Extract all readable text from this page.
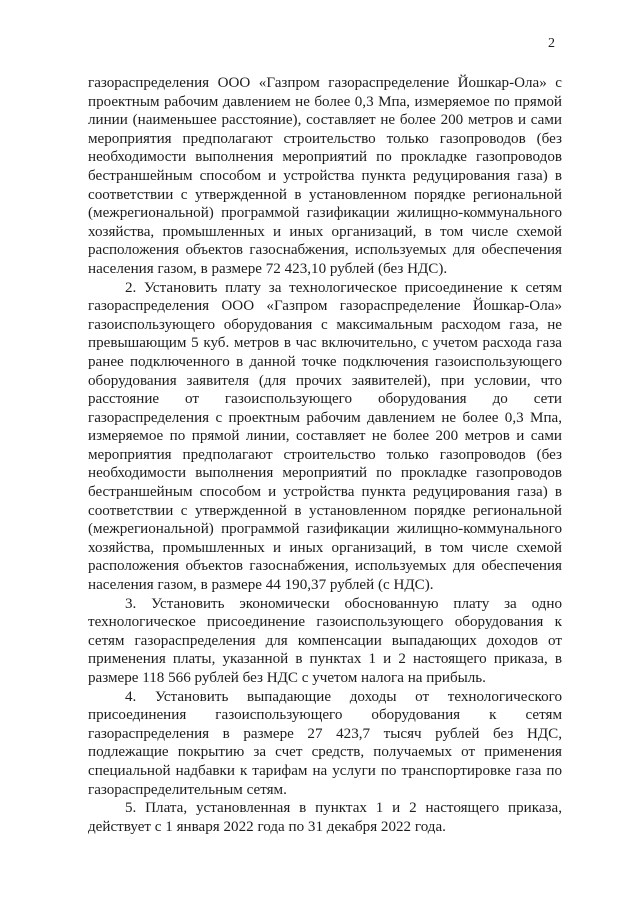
2

газораспределения ООО «Газпром газораспределение Йошкар-Ола» с проектным рабочим давлением не более 0,3 Мпа, измеряемое по прямой линии (наименьшее расстояние), составляет не более 200 метров и сами мероприятия предполагают строительство только газопроводов (без необходимости выполнения мероприятий по прокладке газопроводов бестраншейным способом и устройства пункта редуцирования газа) в соответствии с утвержденной в установленном порядке региональной (межрегиональной) программой газификации жилищно-коммунального хозяйства, промышленных и иных организаций, в том числе схемой расположения объектов газоснабжения, используемых для обеспечения населения газом, в размере 72 423,10 рублей (без НДС).

2. Установить плату за технологическое присоединение к сетям газораспределения ООО «Газпром газораспределение Йошкар-Ола» газоиспользующего оборудования с максимальным расходом газа, не превышающим 5 куб. метров в час включительно, с учетом расхода газа ранее подключенного в данной точке подключения газоиспользующего оборудования заявителя (для прочих заявителей), при условии, что расстояние от газоиспользующего оборудования до сети газораспределения с проектным рабочим давлением не более 0,3 Мпа, измеряемое по прямой линии, составляет не более 200 метров и сами мероприятия предполагают строительство только газопроводов (без необходимости выполнения мероприятий по прокладке газопроводов бестраншейным способом и устройства пункта редуцирования газа) в соответствии с утвержденной в установленном порядке региональной (межрегиональной) программой газификации жилищно-коммунального хозяйства, промышленных и иных организаций, в том числе схемой расположения объектов газоснабжения, используемых для обеспечения населения газом, в размере 44 190,37 рублей (с НДС).

3. Установить экономически обоснованную плату за одно технологическое присоединение газоиспользующего оборудования к сетям газораспределения для компенсации выпадающих доходов от применения платы, указанной в пунктах 1 и 2 настоящего приказа, в размере 118 566 рублей без НДС с учетом налога на прибыль.

4. Установить выпадающие доходы от технологического присоединения газоиспользующего оборудования к сетям газораспределения в размере 27 423,7 тысяч рублей без НДС, подлежащие покрытию за счет средств, получаемых от применения специальной надбавки к тарифам на услуги по транспортировке газа по газораспределительным сетям.

5. Плата, установленная в пунктах 1 и 2 настоящего приказа, действует с 1 января 2022 года по 31 декабря 2022 года.
